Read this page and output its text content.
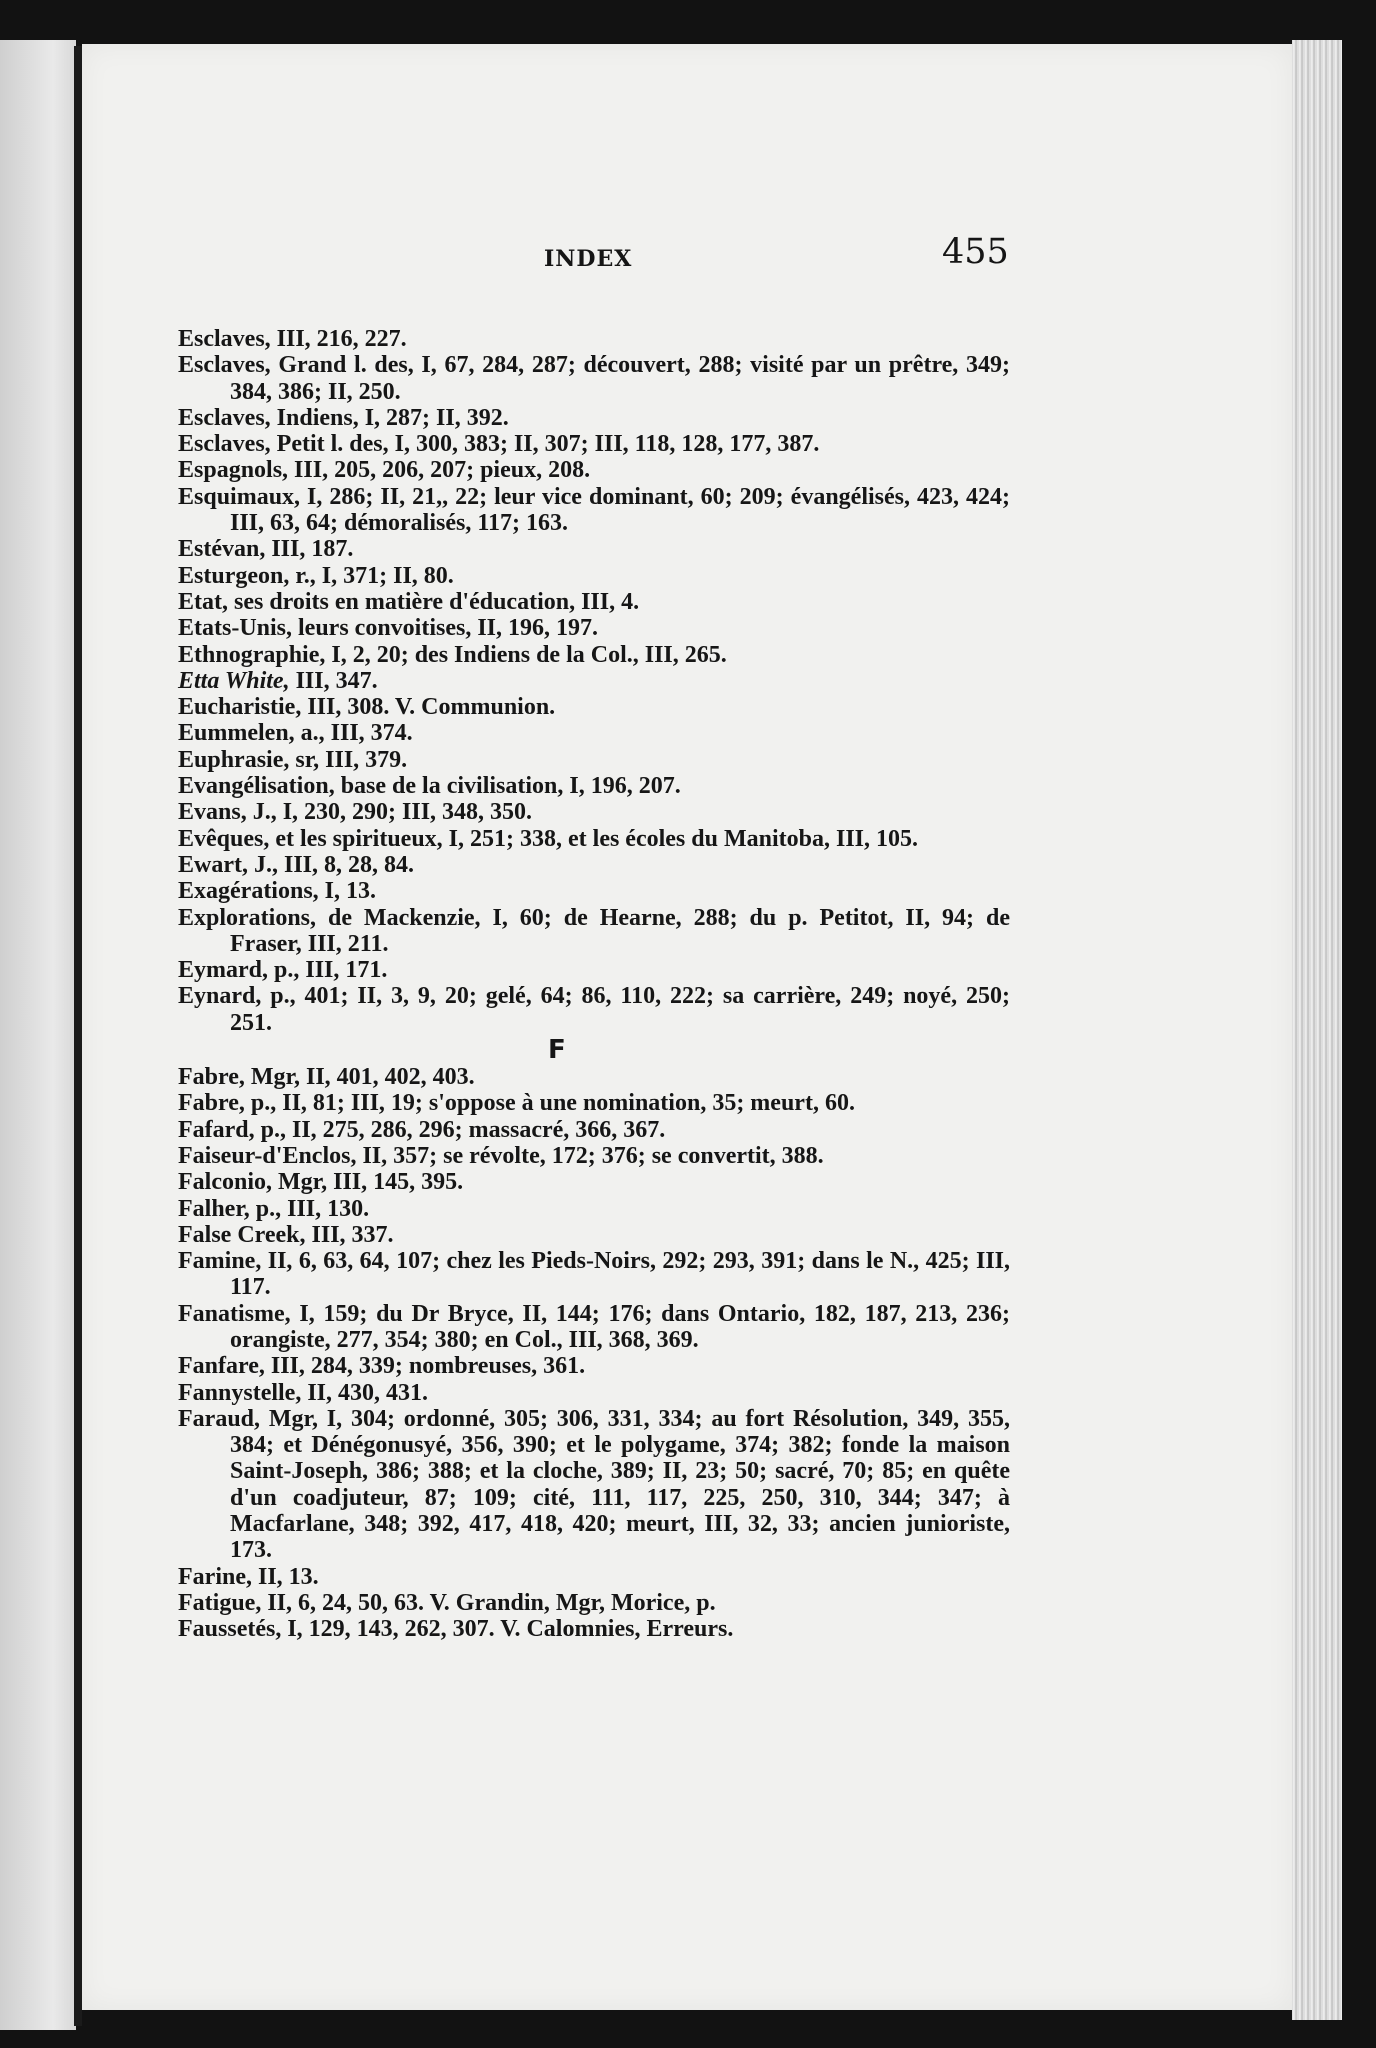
INDEX	455

Esclaves, III, 216, 227.

Esclaves, Grand l. des, I, 67, 284, 287; découvert, 288; visité par un prêtre, 349; 384, 386; II, 250.

Esclaves, Indiens, I, 287; II, 392.

Esclaves, Petit l. des, I, 300, 383; II, 307; III, 118, 128, 177, 387.

Espagnols, III, 205, 206, 207; pieux, 208.

Esquimaux, I, 286; II, 21,, 22; leur vice dominant, 60; 209; évangélisés, 423, 424; III, 63, 64; démoralisés, 117; 163.

Estévan, III, 187.

Esturgeon, r., I, 371; II, 80.

Etat, ses droits en matière d'éducation, III, 4.

Etats-Unis, leurs convoitises, II, 196, 197.

Ethnographie, I, 2, 20; des Indiens de la Col., III, 265.

Etta White, III, 347.

Eucharistie, III, 308. V. Communion.

Eummelen, a., III, 374.

Euphrasie, sr, III, 379.

Evangélisation, base de la civilisation, I, 196, 207.

Evans, J., I, 230, 290; III, 348, 350.

Evêques, et les spiritueux, I, 251; 338, et les écoles du Manitoba, III, 105.

Ewart, J., III, 8, 28, 84.

Exagérations, I, 13.

Explorations, de Mackenzie, I, 60; de Hearne, 288; du p. Petitot, II, 94; de Fraser, III, 211.

Eymard, p., III, 171.

Eynard, p., 401; II, 3, 9, 20; gelé, 64; 86, 110, 222; sa carrière, 249; noyé, 250; 251.

F

Fabre, Mgr, II, 401, 402, 403.

Fabre, p., II, 81; III, 19; s'oppose à une nomination, 35; meurt, 60.

Fafard, p., II, 275, 286, 296; massacré, 366, 367.

Faiseur-d'Enclos, II, 357; se révolte, 172; 376; se convertit, 388.

Falconio, Mgr, III, 145, 395.

Falher, p., III, 130.

False Creek, III, 337.

Famine, II, 6, 63, 64, 107; chez les Pieds-Noirs, 292; 293, 391; dans le N., 425; III, 117.

Fanatisme, I, 159; du Dr Bryce, II, 144; 176; dans Ontario, 182, 187, 213, 236; orangiste, 277, 354; 380; en Col., III, 368, 369.

Fanfare, III, 284, 339; nombreuses, 361.

Fannystelle, II, 430, 431.

Faraud, Mgr, I, 304; ordonné, 305; 306, 331, 334; au fort Résolution, 349, 355, 384; et Dénégonusyé, 356, 390; et le polygame, 374; 382; fonde la maison Saint-Joseph, 386; 388; et la cloche, 389; II, 23; 50; sacré, 70; 85; en quête d'un coadjuteur, 87; 109; cité, 111, 117, 225, 250, 310, 344; 347; à Macfarlane, 348; 392, 417, 418, 420; meurt, III, 32, 33; ancien junioriste, 173.

Farine, II, 13.

Fatigue, II, 6, 24, 50, 63. V. Grandin, Mgr, Morice, p.

Faussetés, I, 129, 143, 262, 307. V. Calomnies, Erreurs.
